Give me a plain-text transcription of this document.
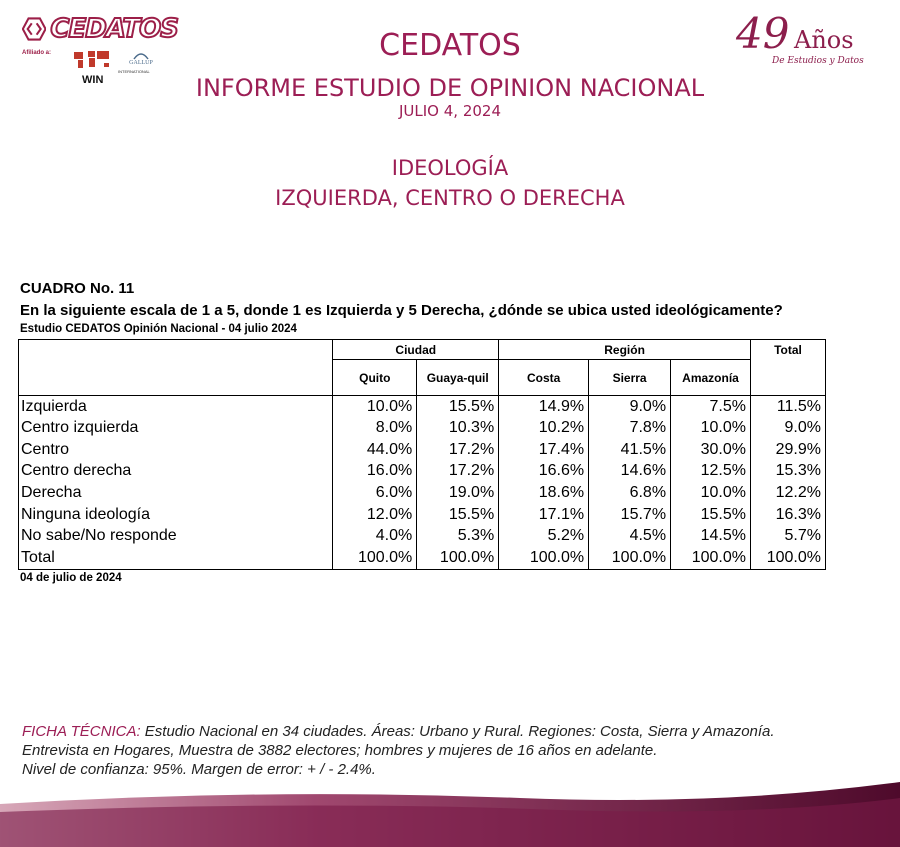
CEDATOS
Afiliado a:
WIN
GALLUP
INTERNATIONAL
49 Años
De Estudios y Datos
CEDATOS
INFORME ESTUDIO DE OPINION NACIONAL
JULIO 4, 2024
IDEOLOGÍA
IZQUIERDA, CENTRO O DERECHA
CUADRO No. 11
En la siguiente escala de 1 a 5, donde 1 es Izquierda y 5 Derecha, ¿dónde se ubica usted ideológicamente?
Estudio CEDATOS Opinión Nacional - 04 julio 2024
	Ciudad		Región			Total
	Quito	Guaya-quil	Costa	Sierra	Amazonía	
Izquierda	10.0%	15.5%	14.9%	9.0%	7.5%	11.5%
Centro izquierda	8.0%	10.3%	10.2%	7.8%	10.0%	9.0%
Centro	44.0%	17.2%	17.4%	41.5%	30.0%	29.9%
Centro derecha	16.0%	17.2%	16.6%	14.6%	12.5%	15.3%
Derecha	6.0%	19.0%	18.6%	6.8%	10.0%	12.2%
Ninguna ideología	12.0%	15.5%	17.1%	15.7%	15.5%	16.3%
No sabe/No responde	4.0%	5.3%	5.2%	4.5%	14.5%	5.7%
Total	100.0%	100.0%	100.0%	100.0%	100.0%	100.0%
04 de julio de 2024
FICHA TÉCNICA: Estudio Nacional en 34 ciudades. Áreas: Urbano y Rural. Regiones: Costa, Sierra y Amazonía.
Entrevista en Hogares, Muestra de 3882 electores; hombres y mujeres de 16 años en adelante.
Nivel de confianza: 95%. Margen de error: + / - 2.4%.
